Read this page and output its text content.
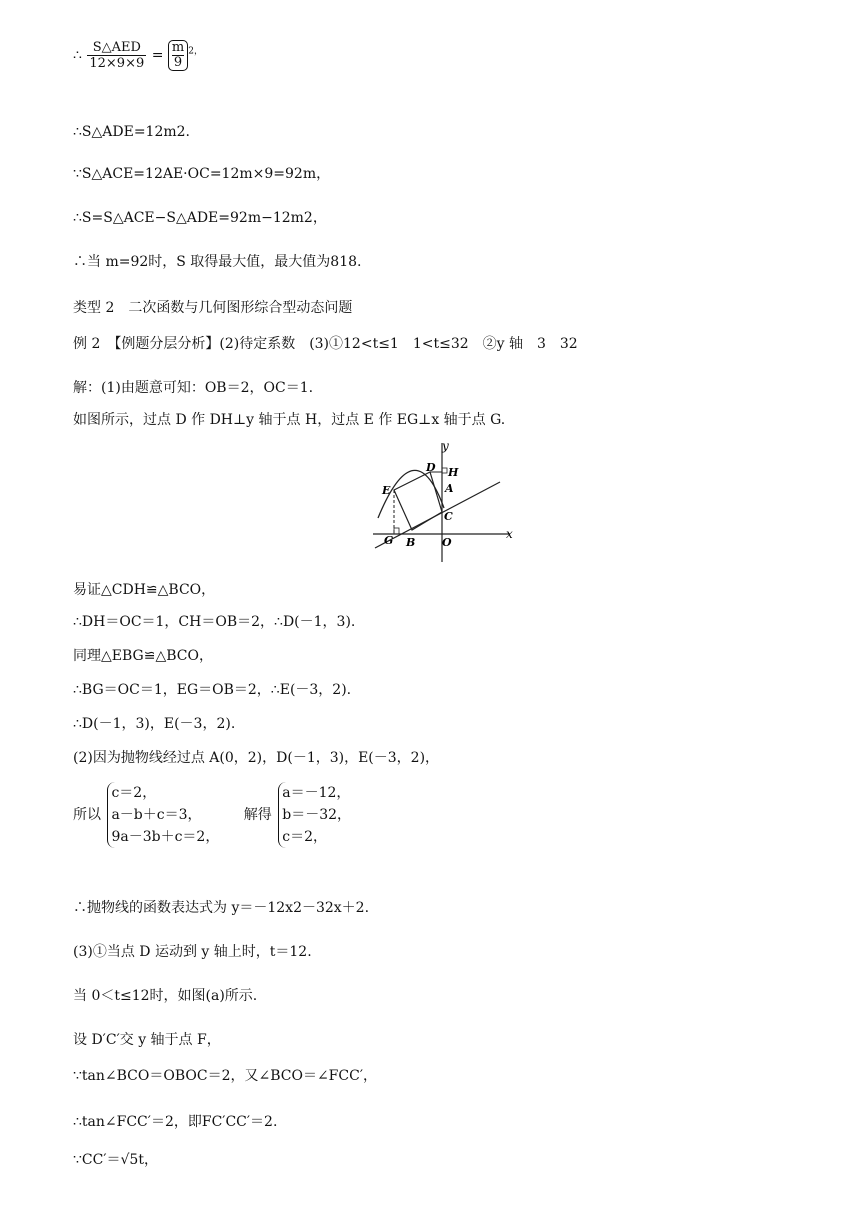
∴ $\frac{\text{S△AED}}{12\times 9\times 9} = \frac{m}{9} ^{2,}$
∴S△ADE=12m2.
∵S△ACE=12AE·OC=12m×9=92m，
∴S=S△ACE−S△ADE=92m−12m2，
∴当 m=92时，S 取得最大值，最大值为818.
类型 2　二次函数与几何图形综合型动态问题
例 2　【例题分层分析】(2)待定系数　(3)①12<t≤1　1<t≤32　②y 轴　3　32
解：(1)由题意可知：OB＝2，OC＝1.
如图所示，过点 D 作 DH⊥y 轴于点 H，过点 E 作 EG⊥x 轴于点 G.
y
x
D H
E	A
C
G B O
易证△CDH≌△BCO，
∴DH＝OC＝1，CH＝OB＝2，∴D(－1，3).
同理△EBG≌△BCO，
∴BG＝OC＝1，EG＝OB＝2，∴E(－3，2).
∴D(－1，3)，E(－3，2).
(2)因为抛物线经过点 A(0，2)，D(－1，3)，E(－3，2)，
所以
c＝2，
a－b＋c＝3，
9a－3b＋c＝2，
解得
a＝－12，
b＝－32，
c＝2，
∴抛物线的函数表达式为 y＝－12x2－32x＋2.
(3)①当点 D 运动到 y 轴上时，t＝12.
当 0＜t≤12时，如图(a)所示.
设 D′C′交 y 轴于点 F，
∵tan∠BCO＝OBOC＝2，又∠BCO＝∠FCC′，
∴tan∠FCC′＝2，即FC′CC′＝2.
∵CC′＝√5t，
